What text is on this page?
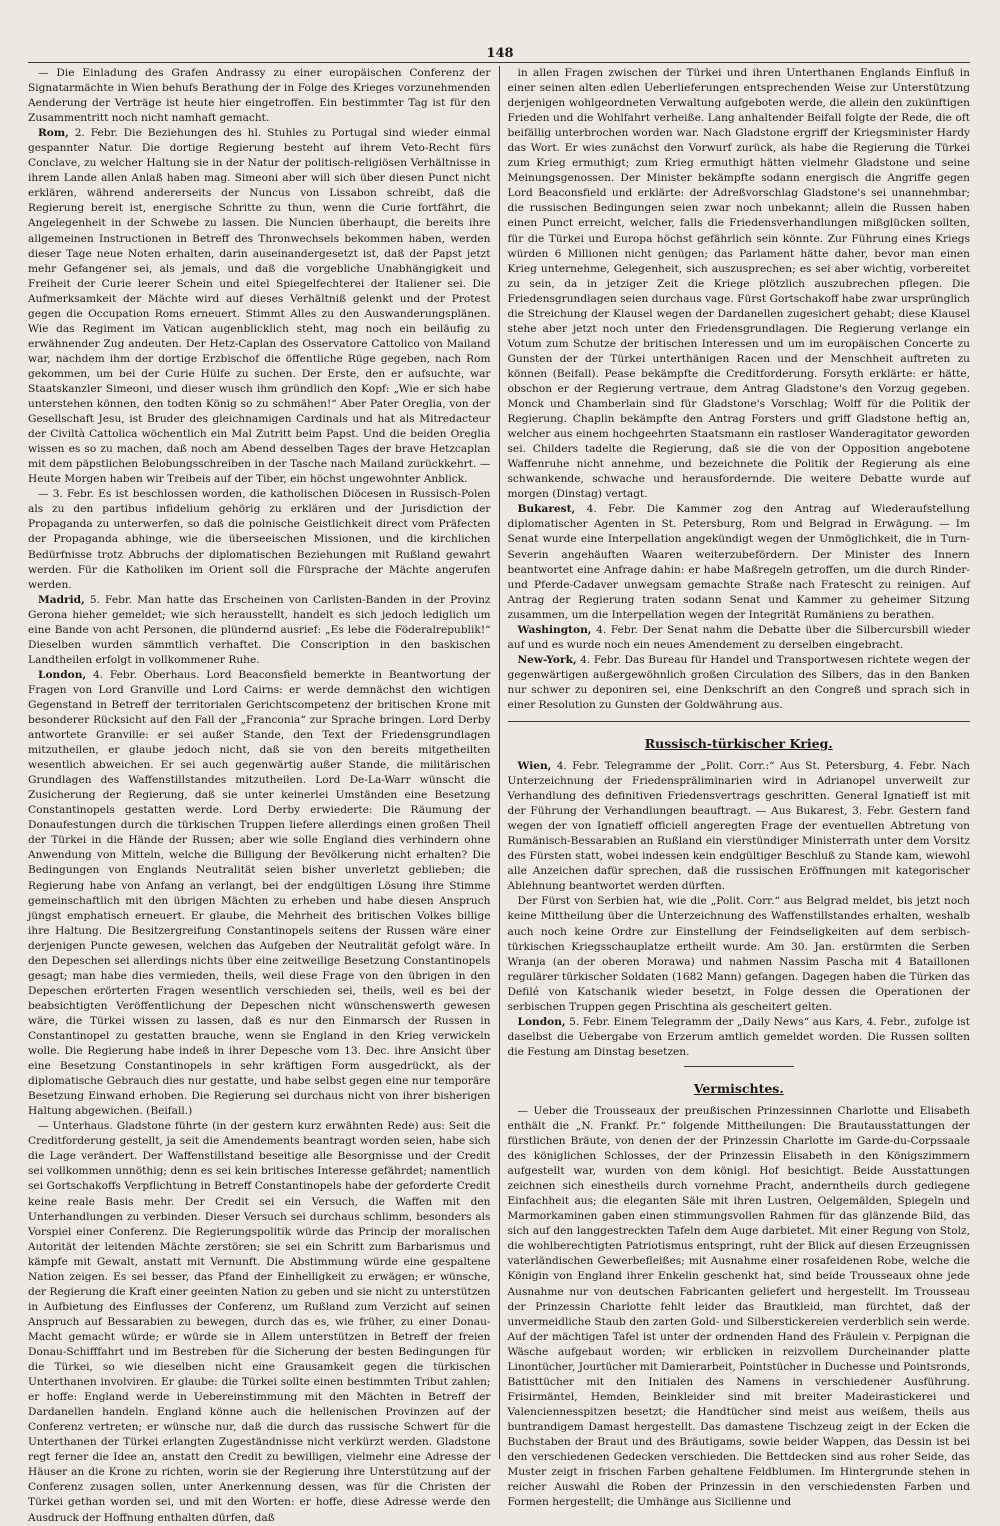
148

— Die Einladung des Grafen Andrassy zu einer europäischen Conferenz der Signatarmächte in Wien behufs Berathung der in Folge des Krieges vorzunehmenden Aenderung der Verträge ist heute hier eingetroffen. Ein bestimmter Tag ist für den Zusammentritt noch nicht namhaft gemacht.

Rom, 2. Febr. Die Beziehungen des hl. Stuhles zu Portugal sind wieder einmal gespannter Natur. Die dortige Regierung besteht auf ihrem Veto-Recht fürs Conclave, zu welcher Haltung sie in der Natur der politisch-religiösen Verhältnisse in ihrem Lande allen Anlaß haben mag. Simeoni aber will sich über diesen Punct nicht erklären, während andererseits der Nuncus von Lissabon schreibt, daß die Regierung bereit ist, energische Schritte zu thun, wenn die Curie fortfährt, die Angelegenheit in der Schwebe zu lassen. Die Nuncien überhaupt, die bereits ihre allgemeinen Instructionen in Betreff des Thronwechsels bekommen haben, werden dieser Tage neue Noten erhalten, darin auseinandergesetzt ist, daß der Papst jetzt mehr Gefangener sei, als jemals, und daß die vorgebliche Unabhängigkeit und Freiheit der Curie leerer Schein und eitel Spiegelfechterei der Italiener sei. Die Aufmerksamkeit der Mächte wird auf dieses Verhältniß gelenkt und der Protest gegen die Occupation Roms erneuert. Stimmt Alles zu den Auswanderungsplänen. Wie das Regiment im Vatican augenblicklich steht, mag noch ein beiläufig zu erwähnender Zug andeuten. Der Hetz-Caplan des Osservatore Cattolico von Mailand war, nachdem ihm der dortige Erzbischof die öffentliche Rüge gegeben, nach Rom gekommen, um bei der Curie Hülfe zu suchen. Der Erste, den er aufsuchte, war Staatskanzler Simeoni, und dieser wusch ihm gründlich den Kopf: „Wie er sich habe unterstehen können, den todten König so zu schmähen!“ Aber Pater Oreglia, von der Gesellschaft Jesu, ist Bruder des gleichnamigen Cardinals und hat als Mitredacteur der Civiltà Cattolica wöchentlich ein Mal Zutritt beim Papst. Und die beiden Oreglia wissen es so zu machen, daß noch am Abend desselben Tages der brave Hetzcaplan mit dem päpstlichen Belobungsschreiben in der Tasche nach Mailand zurückkehrt. — Heute Morgen haben wir Treibeis auf der Tiber, ein höchst ungewohnter Anblick.

— 3. Febr. Es ist beschlossen worden, die katholischen Diöcesen in Russisch-Polen als zu den partibus infidelium gehörig zu erklären und der Jurisdiction der Propaganda zu unterwerfen, so daß die polnische Geistlichkeit direct vom Präfecten der Propaganda abhinge, wie die überseeischen Missionen, und die kirchlichen Bedürfnisse trotz Abbruchs der diplomatischen Beziehungen mit Rußland gewahrt werden. Für die Katholiken im Orient soll die Fürsprache der Mächte angerufen werden.

Madrid, 5. Febr. Man hatte das Erscheinen von Carlisten-Banden in der Provinz Gerona hieher gemeldet; wie sich herausstellt, handelt es sich jedoch lediglich um eine Bande von acht Personen, die plündernd ausrief: „Es lebe die Föderalrepublik!“ Dieselben wurden sämmtlich verhaftet. Die Conscription in den baskischen Landtheilen erfolgt in vollkommener Ruhe.

London, 4. Febr. Oberhaus. Lord Beaconsfield bemerkte in Beantwortung der Fragen von Lord Granville und Lord Cairns: er werde demnächst den wichtigen Gegenstand in Betreff der territorialen Gerichtscompetenz der britischen Krone mit besonderer Rücksicht auf den Fall der „Franconia“ zur Sprache bringen. Lord Derby antwortete Granville: er sei außer Stande, den Text der Friedensgrundlagen mitzutheilen, er glaube jedoch nicht, daß sie von den bereits mitgetheilten wesentlich abweichen. Er sei auch gegenwärtig außer Stande, die militärischen Grundlagen des Waffenstillstandes mitzutheilen. Lord De-La-Warr wünscht die Zusicherung der Regierung, daß sie unter keinerlei Umständen eine Besetzung Constantinopels gestatten werde. Lord Derby erwiederte: Die Räumung der Donaufestungen durch die türkischen Truppen liefere allerdings einen großen Theil der Türkei in die Hände der Russen; aber wie solle England dies verhindern ohne Anwendung von Mitteln, welche die Billigung der Bevölkerung nicht erhalten? Die Bedingungen von Englands Neutralität seien bisher unverletzt geblieben; die Regierung habe von Anfang an verlangt, bei der endgültigen Lösung ihre Stimme gemeinschaftlich mit den übrigen Mächten zu erheben und habe diesen Anspruch jüngst emphatisch erneuert. Er glaube, die Mehrheit des britischen Volkes billige ihre Haltung. Die Besitzergreifung Constantinopels seitens der Russen wäre einer derjenigen Puncte gewesen, welchen das Aufgeben der Neutralität gefolgt wäre. In den Depeschen sei allerdings nichts über eine zeitweilige Besetzung Constantinopels gesagt; man habe dies vermieden, theils, weil diese Frage von den übrigen in den Depeschen erörterten Fragen wesentlich verschieden sei, theils, weil es bei der beabsichtigten Veröffentlichung der Depeschen nicht wünschenswerth gewesen wäre, die Türkei wissen zu lassen, daß es nur den Einmarsch der Russen in Constantinopel zu gestatten brauche, wenn sie England in den Krieg verwickeln wolle. Die Regierung habe indeß in ihrer Depesche vom 13. Dec. ihre Ansicht über eine Besetzung Constantinopels in sehr kräftigen Form ausgedrückt, als der diplomatische Gebrauch dies nur gestatte, und habe selbst gegen eine nur temporäre Besetzung Einwand erhoben. Die Regierung sei durchaus nicht von ihrer bisherigen Haltung abgewichen. (Beifall.)

— Unterhaus. Gladstone führte (in der gestern kurz erwähnten Rede) aus: Seit die Creditforderung gestellt, ja seit die Amendements beantragt worden seien, habe sich die Lage verändert. Der Waffenstillstand beseitige alle Besorgnisse und der Credit sei vollkommen unnöthig; denn es sei kein britisches Interesse gefährdet; namentlich sei Gortschakoffs Verpflichtung in Betreff Constantinopels habe der geforderte Credit keine reale Basis mehr. Der Credit sei ein Versuch, die Waffen mit den Unterhandlungen zu verbinden. Dieser Versuch sei durchaus schlimm, besonders als Vorspiel einer Conferenz. Die Regierungspolitik würde das Princip der moralischen Autorität der leitenden Mächte zerstören; sie sei ein Schritt zum Barbarismus und kämpfe mit Gewalt, anstatt mit Vernunft. Die Abstimmung würde eine gespaltene Nation zeigen. Es sei besser, das Pfand der Einhelligkeit zu erwägen; er wünsche, der Regierung die Kraft einer geeinten Nation zu geben und sie nicht zu unterstützen in Aufbietung des Einflusses der Conferenz, um Rußland zum Verzicht auf seinen Anspruch auf Bessarabien zu bewegen, durch das es, wie früher, zu einer Donau-Macht gemacht würde; er würde sie in Allem unterstützen in Betreff der freien Donau-Schifffahrt und im Bestreben für die Sicherung der besten Bedingungen für die Türkei, so wie dieselben nicht eine Grausamkeit gegen die türkischen Unterthanen involviren. Er glaube: die Türkei sollte einen bestimmten Tribut zahlen; er hoffe: England werde in Uebereinstimmung mit den Mächten in Betreff der Dardanellen handeln. England könne auch die hellenischen Provinzen auf der Conferenz vertreten; er wünsche nur, daß die durch das russische Schwert für die Unterthanen der Türkei erlangten Zugeständnisse nicht verkürzt werden. Gladstone regt ferner die Idee an, anstatt den Credit zu bewilligen, vielmehr eine Adresse der Häuser an die Krone zu richten, worin sie der Regierung ihre Unterstützung auf der Conferenz zusagen sollen, unter Anerkennung dessen, was für die Christen der Türkei gethan worden sei, und mit den Worten: er hoffe, diese Adresse werde den Ausdruck der Hoffnung enthalten dürfen, daß

in allen Fragen zwischen der Türkei und ihren Unterthanen Englands Einfluß in einer seinen alten edlen Ueberlieferungen entsprechenden Weise zur Unterstützung derjenigen wohlgeordneten Verwaltung aufgeboten werde, die allein den zukünftigen Frieden und die Wohlfahrt verheiße. Lang anhaltender Beifall folgte der Rede, die oft beifällig unterbrochen worden war. Nach Gladstone ergriff der Kriegsminister Hardy das Wort. Er wies zunächst den Vorwurf zurück, als habe die Regierung die Türkei zum Krieg ermuthigt; zum Krieg ermuthigt hätten vielmehr Gladstone und seine Meinungsgenossen. Der Minister bekämpfte sodann energisch die Angriffe gegen Lord Beaconsfield und erklärte: der Adreßvorschlag Gladstone's sei unannehmbar; die russischen Bedingungen seien zwar noch unbekannt; allein die Russen haben einen Punct erreicht, welcher, falls die Friedensverhandlungen mißglücken sollten, für die Türkei und Europa höchst gefährlich sein könnte. Zur Führung eines Kriegs würden 6 Millionen nicht genügen; das Parlament hätte daher, bevor man einen Krieg unternehme, Gelegenheit, sich auszusprechen; es sei aber wichtig, vorbereitet zu sein, da in jetziger Zeit die Kriege plötzlich auszubrechen pflegen. Die Friedensgrundlagen seien durchaus vage. Fürst Gortschakoff habe zwar ursprünglich die Streichung der Klausel wegen der Dardanellen zugesichert gehabt; diese Klausel stehe aber jetzt noch unter den Friedensgrundlagen. Die Regierung verlange ein Votum zum Schutze der britischen Interessen und um im europäischen Concerte zu Gunsten der der Türkei unterthänigen Racen und der Menschheit auftreten zu können (Beifall). Pease bekämpfte die Creditforderung. Forsyth erklärte: er hätte, obschon er der Regierung vertraue, dem Antrag Gladstone's den Vorzug gegeben. Monck und Chamberlain sind für Gladstone's Vorschlag; Wolff für die Politik der Regierung. Chaplin bekämpfte den Antrag Forsters und griff Gladstone heftig an, welcher aus einem hochgeehrten Staatsmann ein rastloser Wanderagitator geworden sei. Childers tadelte die Regierung, daß sie die von der Opposition angebotene Waffenruhe nicht annehme, und bezeichnete die Politik der Regierung als eine schwankende, schwache und herausfordernde. Die weitere Debatte wurde auf morgen (Dinstag) vertagt.

Bukarest, 4. Febr. Die Kammer zog den Antrag auf Wiederaufstellung diplomatischer Agenten in St. Petersburg, Rom und Belgrad in Erwägung. — Im Senat wurde eine Interpellation angekündigt wegen der Unmöglichkeit, die in Turn-Severin angehäuften Waaren weiterzubefördern. Der Minister des Innern beantwortet eine Anfrage dahin: er habe Maßregeln getroffen, um die durch Rinder- und Pferde-Cadaver unwegsam gemachte Straße nach Fratescht zu reinigen. Auf Antrag der Regierung traten sodann Senat und Kammer zu geheimer Sitzung zusammen, um die Interpellation wegen der Integrität Rumäniens zu berathen.

Washington, 4. Febr. Der Senat nahm die Debatte über die Silbercursbill wieder auf und es wurde noch ein neues Amendement zu derselben eingebracht.

New-York, 4. Febr. Das Bureau für Handel und Transportwesen richtete wegen der gegenwärtigen außergewöhnlich großen Circulation des Silbers, das in den Banken nur schwer zu deponiren sei, eine Denkschrift an den Congreß und sprach sich in einer Resolution zu Gunsten der Goldwährung aus.

Russisch-türkischer Krieg.

Wien, 4. Febr. Telegramme der „Polit. Corr.:“ Aus St. Petersburg, 4. Febr. Nach Unterzeichnung der Friedenspräliminarien wird in Adrianopel unverweilt zur Verhandlung des definitiven Friedensvertrags geschritten. General Ignatieff ist mit der Führung der Verhandlungen beauftragt. — Aus Bukarest, 3. Febr. Gestern fand wegen der von Ignatieff officiell angeregten Frage der eventuellen Abtretung von Rumänisch-Bessarabien an Rußland ein vierstündiger Ministerrath unter dem Vorsitz des Fürsten statt, wobei indessen kein endgültiger Beschluß zu Stande kam, wiewohl alle Anzeichen dafür sprechen, daß die russischen Eröffnungen mit kategorischer Ablehnung beantwortet werden dürften.

Der Fürst von Serbien hat, wie die „Polit. Corr.“ aus Belgrad meldet, bis jetzt noch keine Mittheilung über die Unterzeichnung des Waffenstillstandes erhalten, weshalb auch noch keine Ordre zur Einstellung der Feindseligkeiten auf dem serbisch-türkischen Kriegsschauplatze ertheilt wurde. Am 30. Jan. erstürmten die Serben Wranja (an der oberen Morawa) und nahmen Nassim Pascha mit 4 Bataillonen regulärer türkischer Soldaten (1682 Mann) gefangen. Dagegen haben die Türken das Defilé von Katschanik wieder besetzt, in Folge dessen die Operationen der serbischen Truppen gegen Prischtina als gescheitert gelten.

London, 5. Febr. Einem Telegramm der „Daily News“ aus Kars, 4. Febr., zufolge ist daselbst die Uebergabe von Erzerum amtlich gemeldet worden. Die Russen sollten die Festung am Dinstag besetzen.

Vermischtes.

— Ueber die Trousseaux der preußischen Prinzessinnen Charlotte und Elisabeth enthält die „N. Frankf. Pr.“ folgende Mittheilungen: Die Brautausstattungen der fürstlichen Bräute, von denen der der Prinzessin Charlotte im Garde-du-Corpssaale des königlichen Schlosses, der der Prinzessin Elisabeth in den Königszimmern aufgestellt war, wurden von dem königl. Hof besichtigt. Beide Ausstattungen zeichnen sich einestheils durch vornehme Pracht, anderntheils durch gediegene Einfachheit aus; die eleganten Säle mit ihren Lustren, Oelgemälden, Spiegeln und Marmorkaminen gaben einen stimmungsvollen Rahmen für das glänzende Bild, das sich auf den langgestreckten Tafeln dem Auge darbietet. Mit einer Regung von Stolz, die wohlberechtigten Patriotismus entspringt, ruht der Blick auf diesen Erzeugnissen vaterländischen Gewerbefleißes; mit Ausnahme einer rosafeidenen Robe, welche die Königin von England ihrer Enkelin geschenkt hat, sind beide Trousseaux ohne jede Ausnahme nur von deutschen Fabricanten geliefert und hergestellt. Im Trousseau der Prinzessin Charlotte fehlt leider das Brautkleid, man fürchtet, daß der unvermeidliche Staub den zarten Gold- und Silberstickereien verderblich sein werde. Auf der mächtigen Tafel ist unter der ordnenden Hand des Fräulein v. Perpignan die Wäsche aufgebaut worden; wir erblicken in reizvollem Durcheinander platte Linontücher, Jourtücher mit Damierarbeit, Pointstücher in Duchesse und Pointsronds, Batisttücher mit den Initialen des Namens in verschiedener Ausführung. Frisirmäntel, Hemden, Beinkleider sind mit breiter Madeirastickerei und Valenciennesspitzen besetzt; die Handtücher sind meist aus weißem, theils aus buntrandigem Damast hergestellt. Das damastene Tischzeug zeigt in der Ecken die Buchstaben der Braut und des Bräutigams, sowie beider Wappen, das Dessin ist bei den verschiedenen Gedecken verschieden. Die Bettdecken sind aus roher Seide, das Muster zeigt in frischen Farben gehaltene Feldblumen. Im Hintergrunde stehen in reicher Auswahl die Roben der Prinzessin in den verschiedensten Farben und Formen hergestellt; die Umhänge aus Sicilienne und
